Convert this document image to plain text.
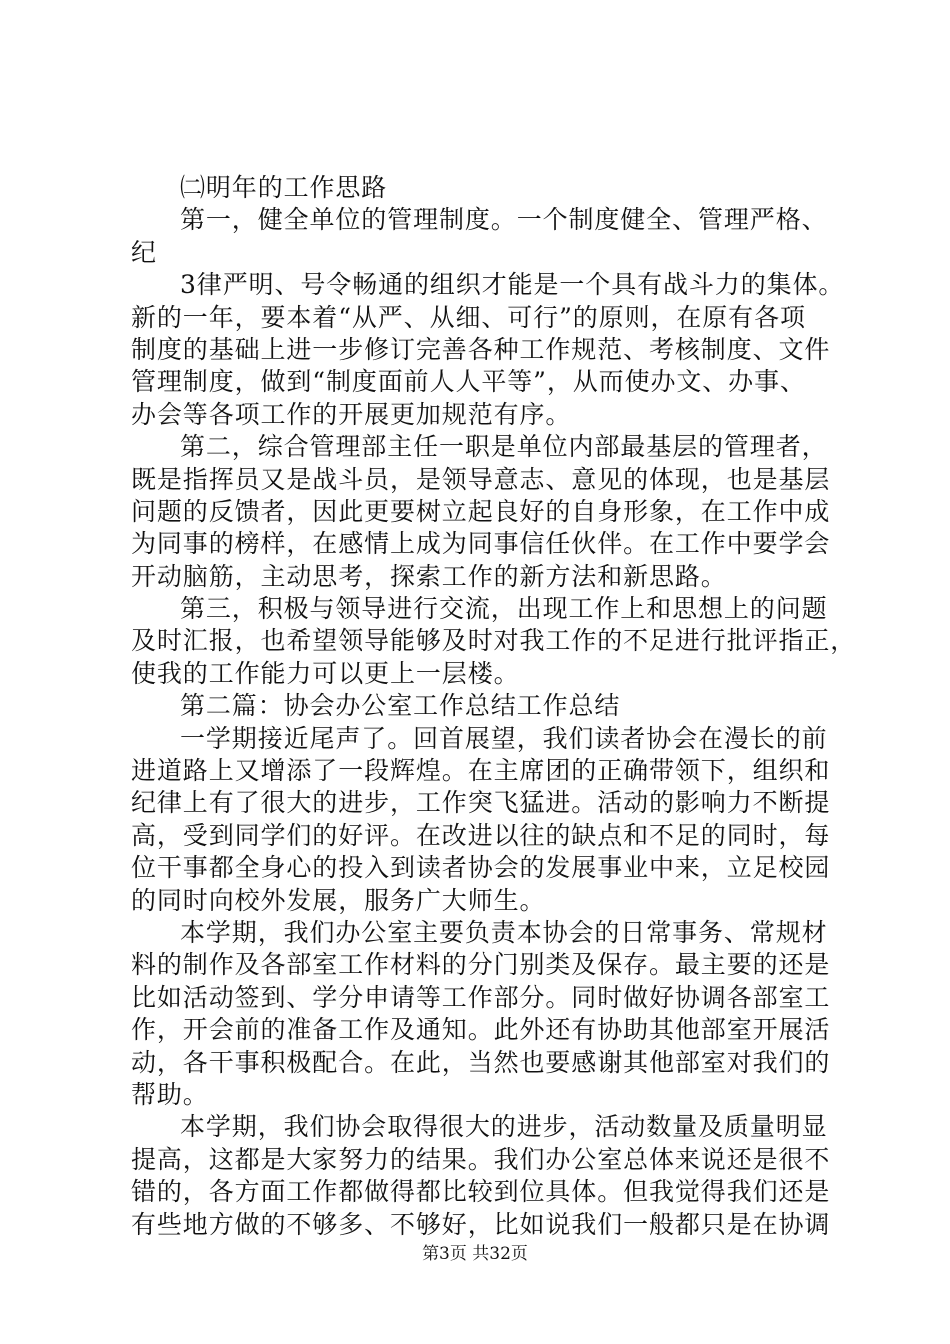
㈡明年的工作思路
第一，健全单位的管理制度。一个制度健全、管理严格、
纪
3律严明、号令畅通的组织才能是一个具有战斗力的集体。
新的一年，要本着“从严、从细、可行”的原则，在原有各项
制度的基础上进一步修订完善各种工作规范、考核制度、文件
管理制度，做到“制度面前人人平等”，从而使办文、办事、
办会等各项工作的开展更加规范有序。
第二，综合管理部主任一职是单位内部最基层的管理者，
既是指挥员又是战斗员，是领导意志、意见的体现，也是基层
问题的反馈者，因此更要树立起良好的自身形象，在工作中成
为同事的榜样，在感情上成为同事信任伙伴。在工作中要学会
开动脑筋，主动思考，探索工作的新方法和新思路。
第三，积极与领导进行交流，出现工作上和思想上的问题
及时汇报，也希望领导能够及时对我工作的不足进行批评指正，
使我的工作能力可以更上一层楼。
第二篇：协会办公室工作总结工作总结
一学期接近尾声了。回首展望，我们读者协会在漫长的前
进道路上又增添了一段辉煌。在主席团的正确带领下，组织和
纪律上有了很大的进步，工作突飞猛进。活动的影响力不断提
高，受到同学们的好评。在改进以往的缺点和不足的同时，每
位干事都全身心的投入到读者协会的发展事业中来，立足校园
的同时向校外发展，服务广大师生。
本学期，我们办公室主要负责本协会的日常事务、常规材
料的制作及各部室工作材料的分门别类及保存。最主要的还是
比如活动签到、学分申请等工作部分。同时做好协调各部室工
作，开会前的准备工作及通知。此外还有协助其他部室开展活
动，各干事积极配合。在此，当然也要感谢其他部室对我们的
帮助。
本学期，我们协会取得很大的进步，活动数量及质量明显
提高，这都是大家努力的结果。我们办公室总体来说还是很不
错的，各方面工作都做得都比较到位具体。但我觉得我们还是
有些地方做的不够多、不够好，比如说我们一般都只是在协调
第3页 共32页
